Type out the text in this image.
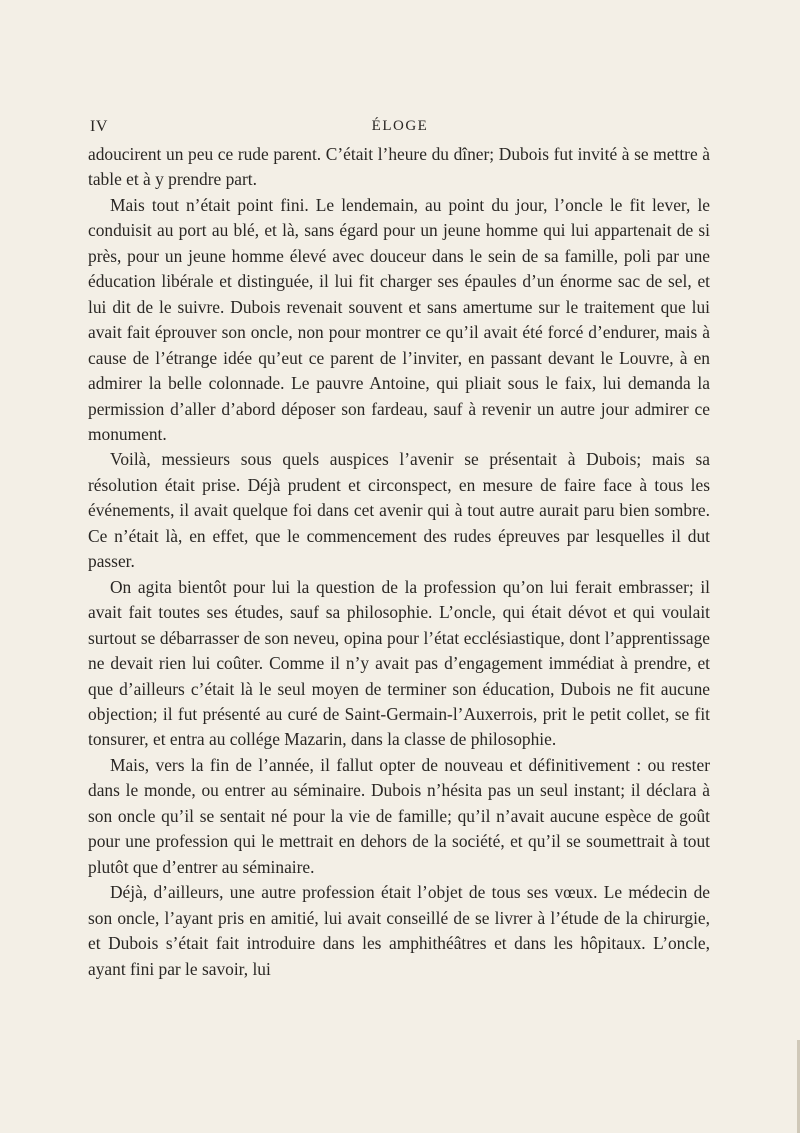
IV	ÉLOGE

adoucirent un peu ce rude parent. C’était l’heure du dîner; Dubois fut invité à se mettre à table et à y prendre part.

Mais tout n’était point fini. Le lendemain, au point du jour, l’oncle le fit lever, le conduisit au port au blé, et là, sans égard pour un jeune homme qui lui appartenait de si près, pour un jeune homme élevé avec douceur dans le sein de sa famille, poli par une éducation libérale et distinguée, il lui fit charger ses épaules d’un énorme sac de sel, et lui dit de le suivre. Dubois revenait souvent et sans amertume sur le traitement que lui avait fait éprouver son oncle, non pour montrer ce qu’il avait été forcé d’endurer, mais à cause de l’étrange idée qu’eut ce parent de l’inviter, en passant devant le Louvre, à en admirer la belle colonnade. Le pauvre Antoine, qui pliait sous le faix, lui demanda la permission d’aller d’abord déposer son fardeau, sauf à revenir un autre jour admirer ce monument.

Voilà, messieurs sous quels auspices l’avenir se présentait à Dubois; mais sa résolution était prise. Déjà prudent et circonspect, en mesure de faire face à tous les événements, il avait quelque foi dans cet avenir qui à tout autre aurait paru bien sombre. Ce n’était là, en effet, que le commencement des rudes épreuves par lesquelles il dut passer.

On agita bientôt pour lui la question de la profession qu’on lui ferait embrasser; il avait fait toutes ses études, sauf sa philosophie. L’oncle, qui était dévot et qui voulait surtout se débarrasser de son neveu, opina pour l’état ecclésiastique, dont l’apprentissage ne devait rien lui coûter. Comme il n’y avait pas d’engagement immédiat à prendre, et que d’ailleurs c’était là le seul moyen de terminer son éducation, Dubois ne fit aucune objection; il fut présenté au curé de Saint-Germain-l’Auxerrois, prit le petit collet, se fit tonsurer, et entra au collége Mazarin, dans la classe de philosophie.

Mais, vers la fin de l’année, il fallut opter de nouveau et définitivement : ou rester dans le monde, ou entrer au séminaire. Dubois n’hésita pas un seul instant; il déclara à son oncle qu’il se sentait né pour la vie de famille; qu’il n’avait aucune espèce de goût pour une profession qui le mettrait en dehors de la société, et qu’il se soumettrait à tout plutôt que d’entrer au séminaire.

Déjà, d’ailleurs, une autre profession était l’objet de tous ses vœux. Le médecin de son oncle, l’ayant pris en amitié, lui avait conseillé de se livrer à l’étude de la chirurgie, et Dubois s’était fait introduire dans les amphithéâtres et dans les hôpitaux. L’oncle, ayant fini par le savoir, lui
